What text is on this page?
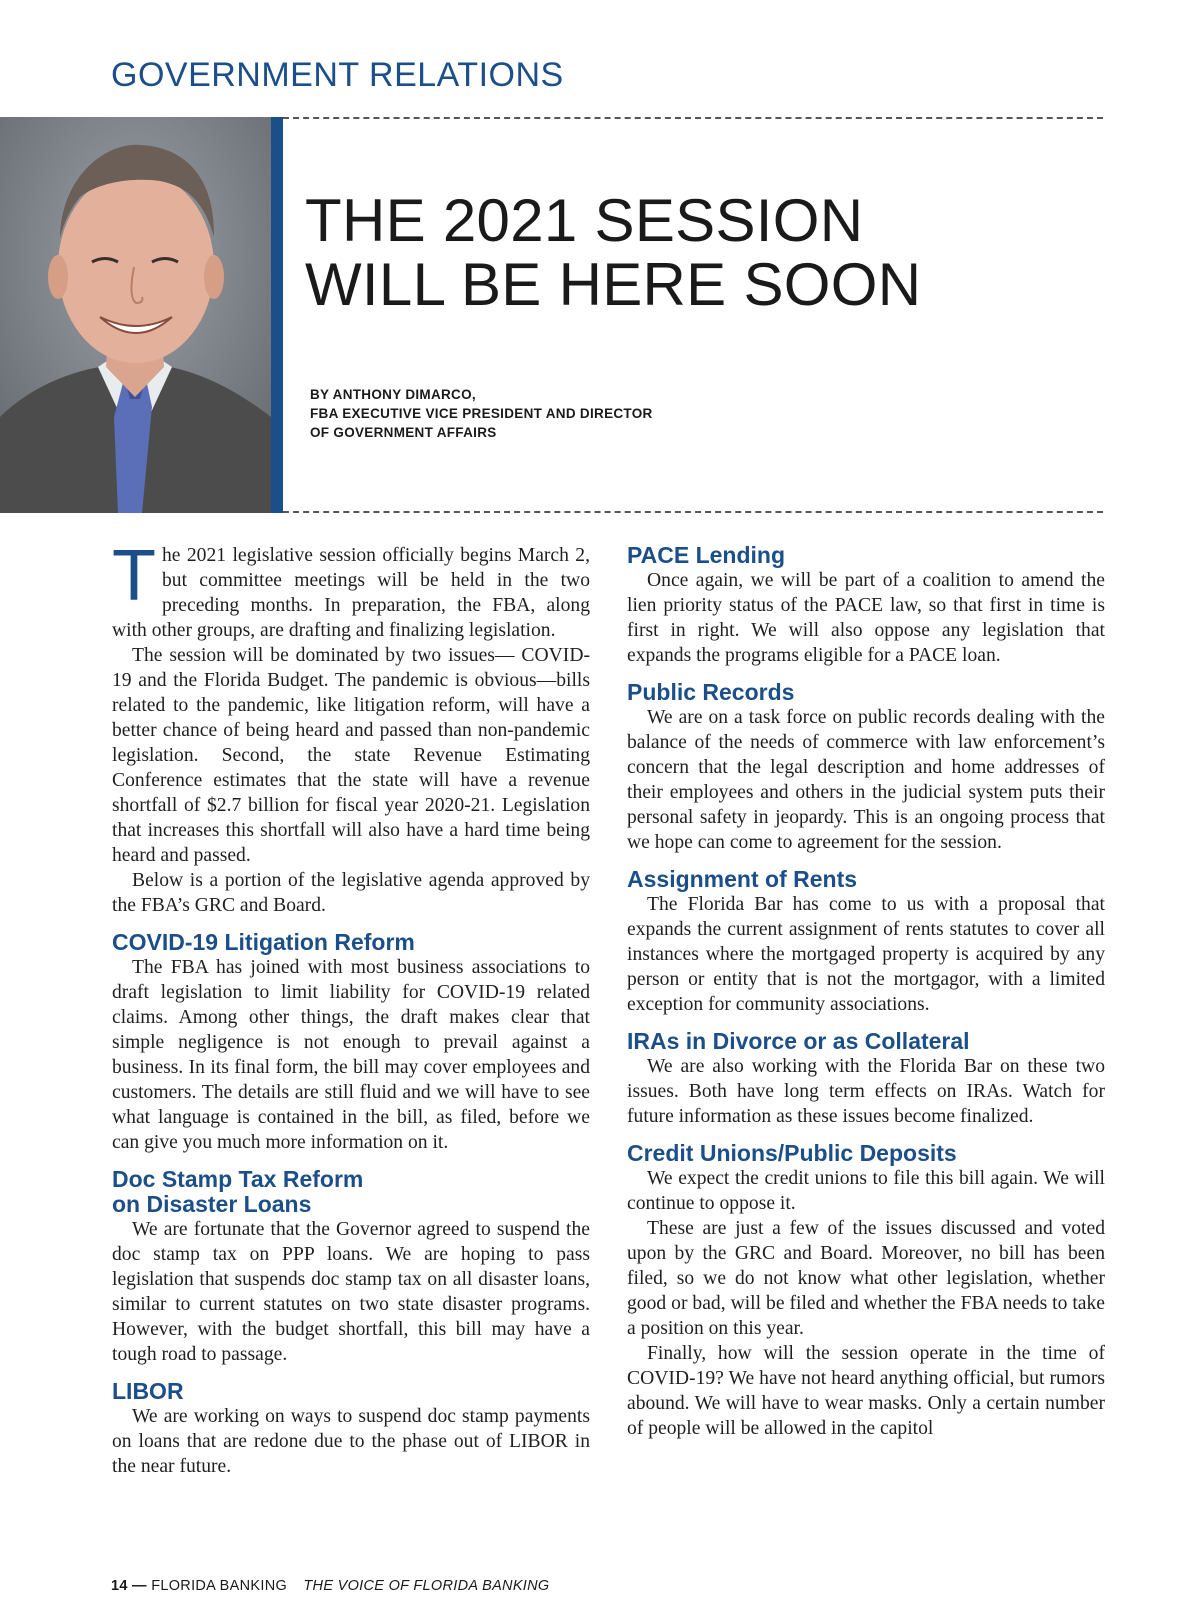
GOVERNMENT RELATIONS
THE 2021 SESSION
WILL BE HERE SOON
BY ANTHONY DIMARCO,
FBA EXECUTIVE VICE PRESIDENT AND DIRECTOR
OF GOVERNMENT AFFAIRS

The 2021 legislative session officially begins March 2, but committee meetings will be held in the two preceding months. In preparation, the FBA, along with other groups, are drafting and finalizing legislation.

The session will be dominated by two issues— COVID-19 and the Florida Budget. The pandemic is obvious—bills related to the pandemic, like litigation reform, will have a better chance of being heard and passed than non-pandemic legislation. Second, the state Revenue Estimating Conference estimates that the state will have a revenue shortfall of $2.7 billion for fiscal year 2020-21. Legislation that increases this shortfall will also have a hard time being heard and passed.

Below is a portion of the legislative agenda approved by the FBA’s GRC and Board.

COVID-19 Litigation Reform

The FBA has joined with most business associations to draft legislation to limit liability for COVID-19 related claims. Among other things, the draft makes clear that simple negligence is not enough to prevail against a business. In its final form, the bill may cover employees and customers. The details are still fluid and we will have to see what language is contained in the bill, as filed, before we can give you much more information on it.

Doc Stamp Tax Reform
on Disaster Loans

We are fortunate that the Governor agreed to suspend the doc stamp tax on PPP loans. We are hoping to pass legislation that suspends doc stamp tax on all disaster loans, similar to current statutes on two state disaster programs. However, with the budget shortfall, this bill may have a tough road to passage.

LIBOR

We are working on ways to suspend doc stamp payments on loans that are redone due to the phase out of LIBOR in the near future.

PACE Lending

Once again, we will be part of a coalition to amend the lien priority status of the PACE law, so that first in time is first in right. We will also oppose any legislation that expands the programs eligible for a PACE loan.

Public Records

We are on a task force on public records dealing with the balance of the needs of commerce with law enforcement’s concern that the legal description and home addresses of their employees and others in the judicial system puts their personal safety in jeopardy. This is an ongoing process that we hope can come to agreement for the session.

Assignment of Rents

The Florida Bar has come to us with a proposal that expands the current assignment of rents statutes to cover all instances where the mortgaged property is acquired by any person or entity that is not the mortgagor, with a limited exception for community associations.

IRAs in Divorce or as Collateral

We are also working with the Florida Bar on these two issues. Both have long term effects on IRAs. Watch for future information as these issues become finalized.

Credit Unions/Public Deposits

We expect the credit unions to file this bill again. We will continue to oppose it.

These are just a few of the issues discussed and voted upon by the GRC and Board. Moreover, no bill has been filed, so we do not know what other legislation, whether good or bad, will be filed and whether the FBA needs to take a position on this year.

Finally, how will the session operate in the time of COVID-19? We have not heard anything official, but rumors abound. We will have to wear masks. Only a certain number of people will be allowed in the capitol

14 — FLORIDA BANKING THE VOICE OF FLORIDA BANKING
